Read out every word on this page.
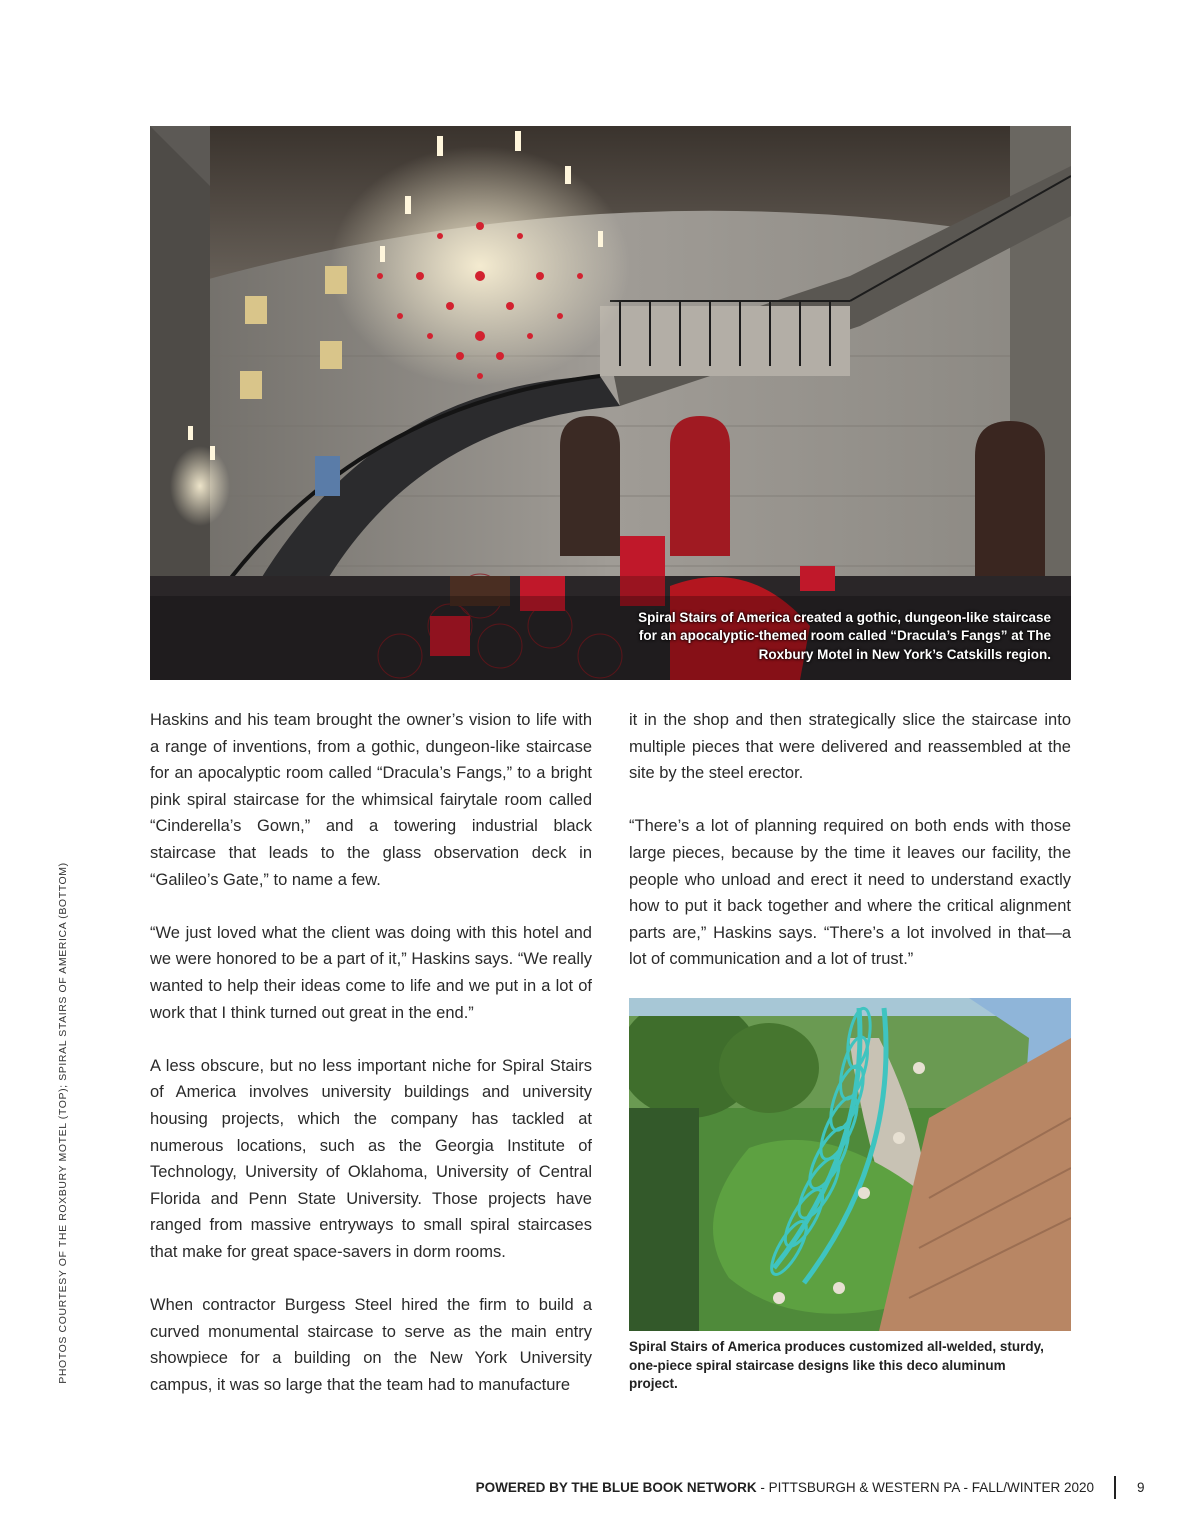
Spiral Stairs of America created a gothic, dungeon-like staircase for an apocalyptic-themed room called “Dracula’s Fangs” at The Roxbury Motel in New York’s Catskills region.

Haskins and his team brought the owner’s vision to life with a range of inventions, from a gothic, dungeon-like staircase for an apocalyptic room called “Dracula’s Fangs,” to a bright pink spiral staircase for the whimsical fairytale room called “Cinderella’s Gown,” and a towering industrial black staircase that leads to the glass observation deck in “Galileo’s Gate,” to name a few.

“We just loved what the client was doing with this hotel and we were honored to be a part of it,” Haskins says. “We really wanted to help their ideas come to life and we put in a lot of work that I think turned out great in the end.”

A less obscure, but no less important niche for Spiral Stairs of America involves university buildings and university housing projects, which the company has tackled at numerous locations, such as the Georgia Institute of Technology, University of Oklahoma, University of Central Florida and Penn State University. Those projects have ranged from massive entryways to small spiral staircases that make for great space-savers in dorm rooms.

When contractor Burgess Steel hired the firm to build a curved monumental staircase to serve as the main entry showpiece for a building on the New York University campus, it was so large that the team had to manufacture

it in the shop and then strategically slice the staircase into multiple pieces that were delivered and reassembled at the site by the steel erector.

“There’s a lot of planning required on both ends with those large pieces, because by the time it leaves our facility, the people who unload and erect it need to understand exactly how to put it back together and where the critical alignment parts are,” Haskins says. “There’s a lot involved in that—a lot of communication and a lot of trust.”

Spiral Stairs of America produces customized all-welded, sturdy, one-piece spiral staircase designs like this deco aluminum project.
PHOTOS COURTESY OF THE ROXBURY MOTEL (TOP); SPIRAL STAIRS OF AMERICA (BOTTOM)
POWERED BY THE BLUE BOOK NETWORK - PITTSBURGH & WESTERN PA - FALL/WINTER 2020	9
